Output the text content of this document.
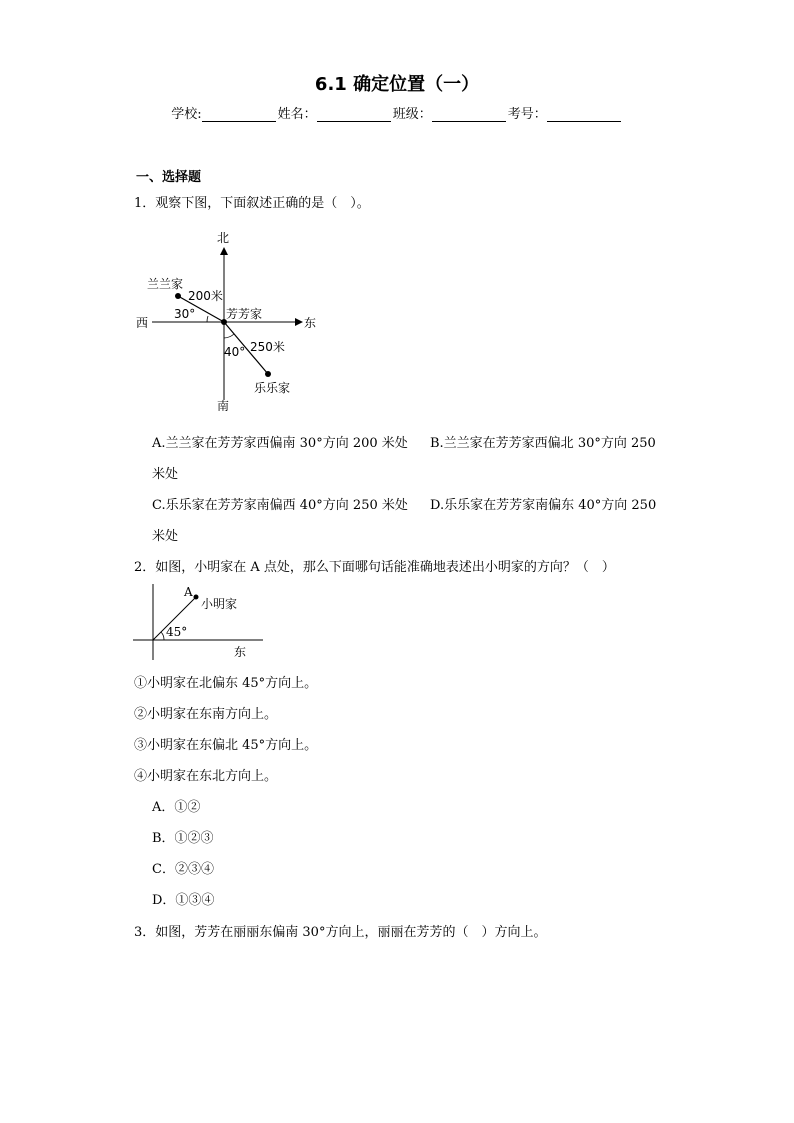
6.1 确定位置（一）
学校:	姓名：	班级：	考号：
一、选择题
1．观察下图，下面叙述正确的是（　）。
北
南
东
西
兰兰家
芳芳家
乐乐家
200米
250米
30°
40°
A
小明家
45°
东
A.兰兰家在芳芳家西偏南 30°方向 200 米处 B.兰兰家在芳芳家西偏北 30°方向 250
米处
C.乐乐家在芳芳家南偏西 40°方向 250 米处 D.乐乐家在芳芳家南偏东 40°方向 250
米处
2．如图，小明家在 A 点处，那么下面哪句话能准确地表述出小明家的方向？（　）
①小明家在北偏东 45°方向上。
②小明家在东南方向上。
③小明家在东偏北 45°方向上。
④小明家在东北方向上。
A．①②
B．①②③
C．②③④
D．①③④
3．如图，芳芳在丽丽东偏南 30°方向上，丽丽在芳芳的（　）方向上。
